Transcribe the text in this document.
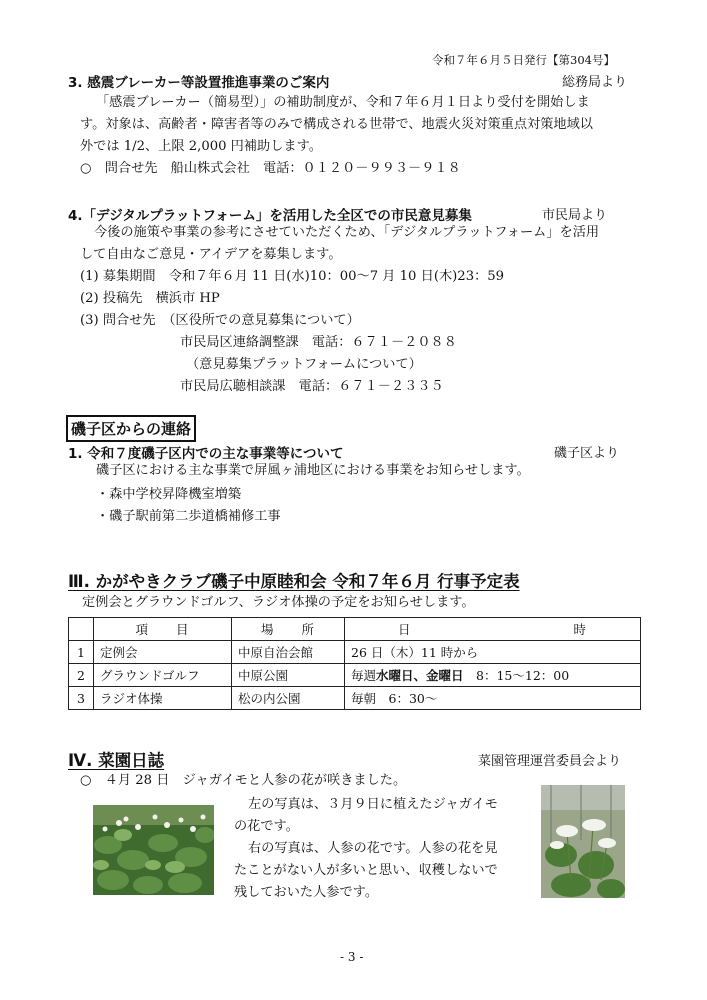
令和７年６月５日発行【第304号】
3. 感震ブレーカー等設置推進事業のご案内	総務局より
「感震ブレーカー（簡易型）」の補助制度が、令和７年６月１日より受付を開始しま
す。対象は、高齢者・障害者等のみで構成される世帯で、地震火災対策重点対策地域以
外では 1/2、上限 2,000 円補助します。
○　問合せ先　船山株式会社　電話：０１２０－９９３－９１８
4.「デジタルプラットフォーム」を活用した全区での市民意見募集	市民局より
今後の施策や事業の参考にさせていただくため、「デジタルプラットフォーム」を活用
して自由なご意見・アイデアを募集します。
(1) 募集期間　令和７年６月 11 日(水)10：00～7 月 10 日(木)23：59
(2) 投稿先　横浜市 HP
(3) 問合せ先　（区役所での意見募集について）
市民局区連絡調整課　電話：６７１－２０８８
（意見募集プラットフォームについて）
市民局広聴相談課　電話：６７１－２３３５
磯子区からの連絡
1. 令和７度磯子区内での主な事業等について	磯子区より
磯子区における主な事業で屏風ヶ浦地区における事業をお知らせします。
・森中学校昇降機室増築
・磯子駅前第二歩道橋補修工事
Ⅲ. かがやきクラブ磯子中原睦和会 令和７年６月 行事予定表
定例会とグラウンドゴルフ、ラジオ体操の予定をお知らせします。
	項　　目	場　　所	日　　　　　　　　　　　　時
1	定例会	中原自治会館	26 日（木）11 時から
2	グラウンドゴルフ	中原公園	毎週水曜日、金曜日　8：15～12：00
3	ラジオ体操	松の内公園	毎朝　6：30～
Ⅳ. 菜園日誌	菜園管理運営委員会より
○　４月 28 日　ジャガイモと人参の花が咲きました。
左の写真は、３月９日に植えたジャガイモ
の花です。
右の写真は、人参の花です。人参の花を見
たことがない人が多いと思い、収穫しないで
残しておいた人参です。
- 3 -
